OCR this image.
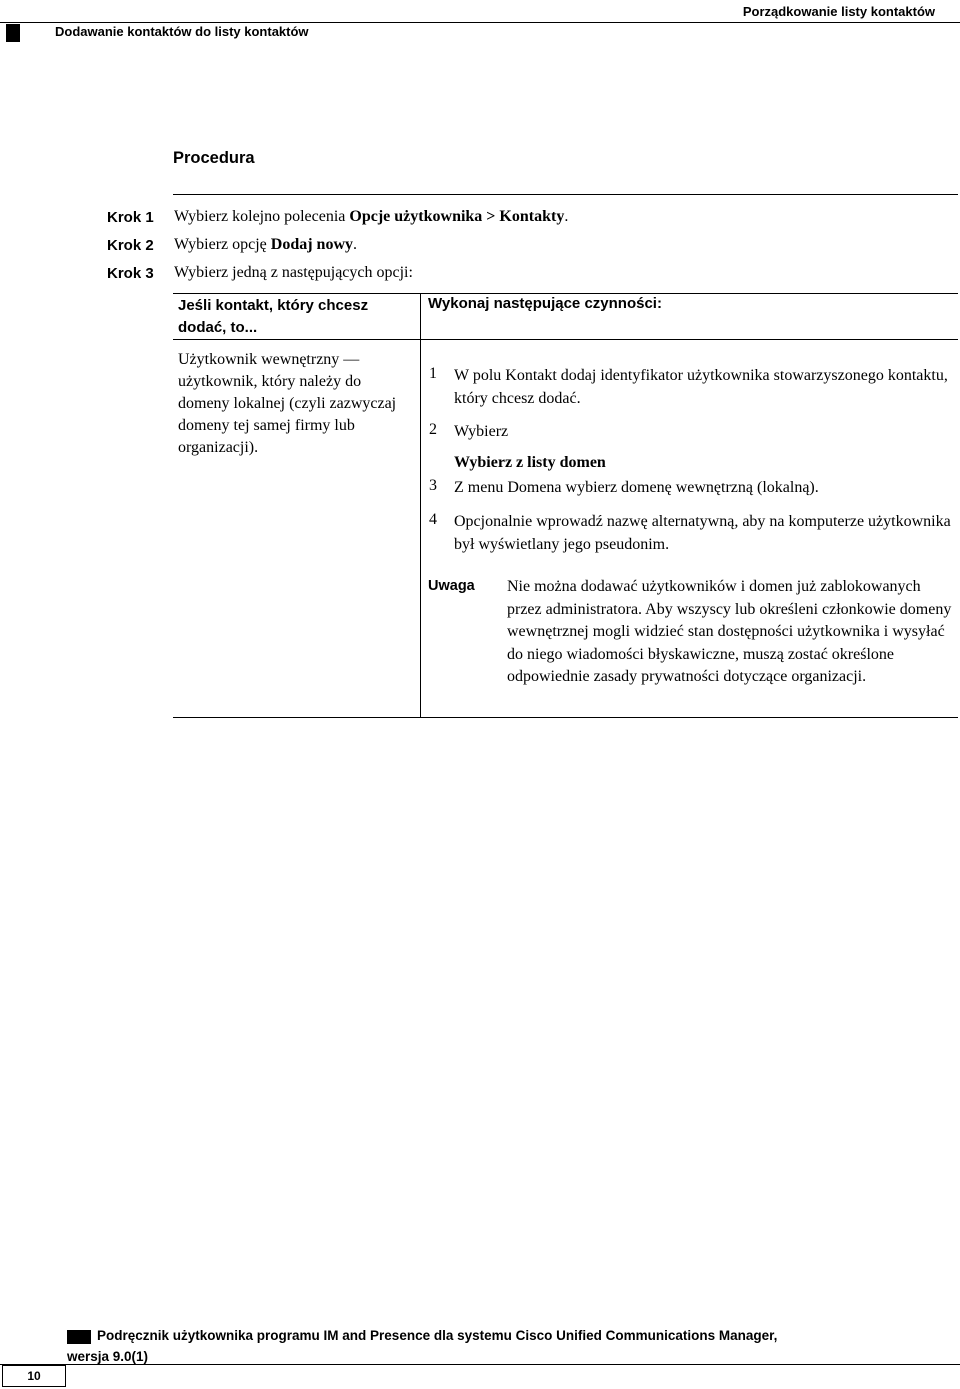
Dodawanie kontaktów do listy kontaktów
Porządkowanie listy kontaktów
Procedura
Krok 1 Wybierz kolejno polecenia Opcje użytkownika > Kontakty.
Krok 2 Wybierz opcję Dodaj nowy.
Krok 3 Wybierz jedną z następujących opcji:
Jeśli kontakt, który chcesz dodać, to...
Wykonaj następujące czynności:
Użytkownik wewnętrzny — użytkownik, który należy do domeny lokalnej (czyli zazwyczaj domeny tej samej firmy lub organizacji).
1 W polu Kontakt dodaj identyfikator użytkownika stowarzyszonego kontaktu, który chcesz dodać.
2 Wybierz
Wybierz z listy domen
3 Z menu Domena wybierz domenę wewnętrzną (lokalną).
4 Opcjonalnie wprowadź nazwę alternatywną, aby na komputerze użytkownika był wyświetlany jego pseudonim.
Uwaga Nie można dodawać użytkowników i domen już zablokowanych przez administratora. Aby wszyscy lub określeni członkowie domeny wewnętrznej mogli widzieć stan dostępności użytkownika i wysyłać do niego wiadomości błyskawiczne, muszą zostać określone odpowiednie zasady prywatności dotyczące organizacji.
Podręcznik użytkownika programu IM and Presence dla systemu Cisco Unified Communications Manager,
wersja 9.0(1)
10
